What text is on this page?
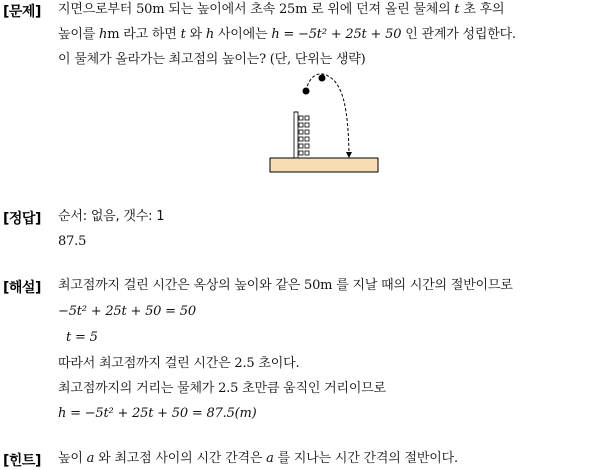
[문제] 지면으로부터 50m 되는 높이에서 초속 25m 로 위에 던져 올린 물체의 t 초 후의
높이를 hm 라고 하면 t 와 h 사이에는 h = −5t² + 25t + 50 인 관계가 성립한다.
이 물체가 올라가는 최고점의 높이는? (단, 단위는 생략)
[정답] 순서: 없음, 갯수: 1
87.5
[해설] 최고점까지 걸린 시간은 옥상의 높이와 같은 50m 를 지날 때의 시간의 절반이므로
−5t² + 25t + 50 = 50
t = 5
따라서 최고점까지 걸린 시간은 2.5 초이다.
최고점까지의 거리는 물체가 2.5 초만큼 움직인 거리이므로
h = −5t² + 25t + 50 = 87.5(m)
[힌트] 높이 a 와 최고점 사이의 시간 간격은 a 를 지나는 시간 간격의 절반이다.
